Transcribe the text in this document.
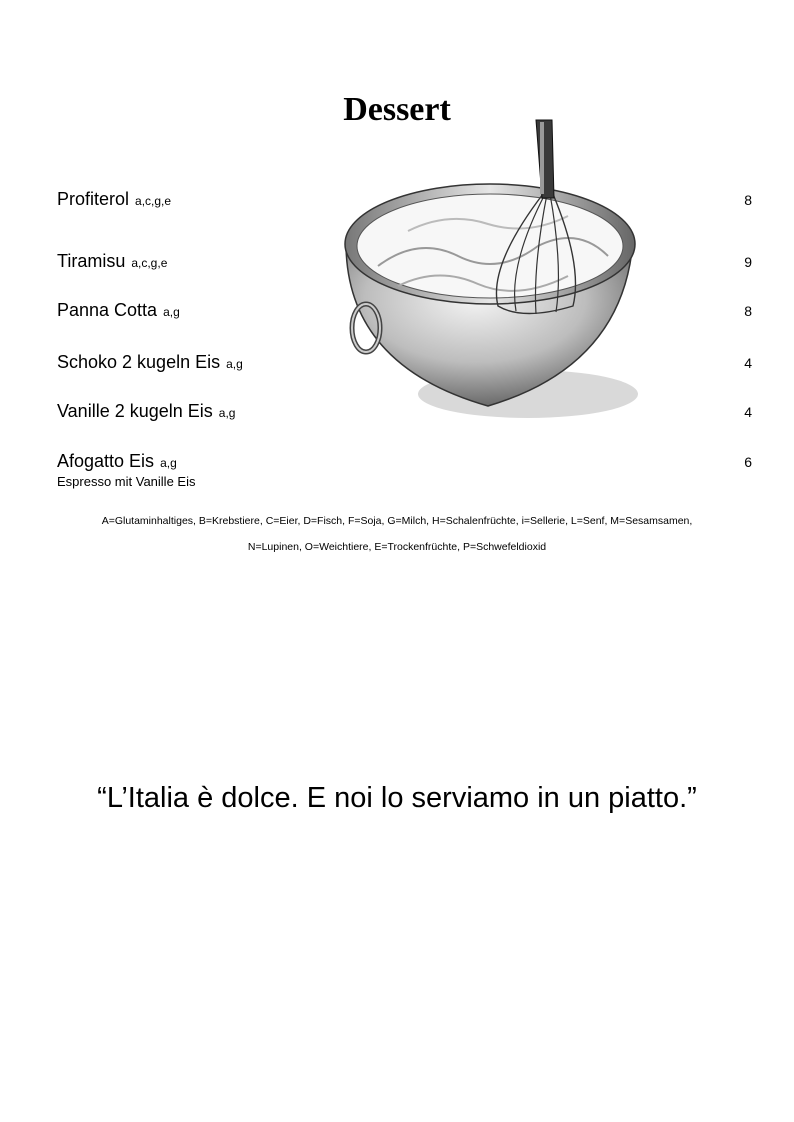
Dessert
Profiterol a,c,g,e	8
Tiramisu a,c,g,e	9
Panna Cotta a,g	8
Schoko 2 kugeln Eis a,g	4
Vanille 2 kugeln Eis a,g	4
Afogatto Eis a,g	6
Espresso mit Vanille Eis
A=Glutaminhaltiges, B=Krebstiere, C=Eier, D=Fisch, F=Soja, G=Milch, H=Schalenfrüchte, i=Sellerie, L=Senf, M=Sesamsamen,
N=Lupinen, O=Weichtiere, E=Trockenfrüchte, P=Schwefeldioxid
“L’Italia è dolce. E noi lo serviamo in un piatto.”
